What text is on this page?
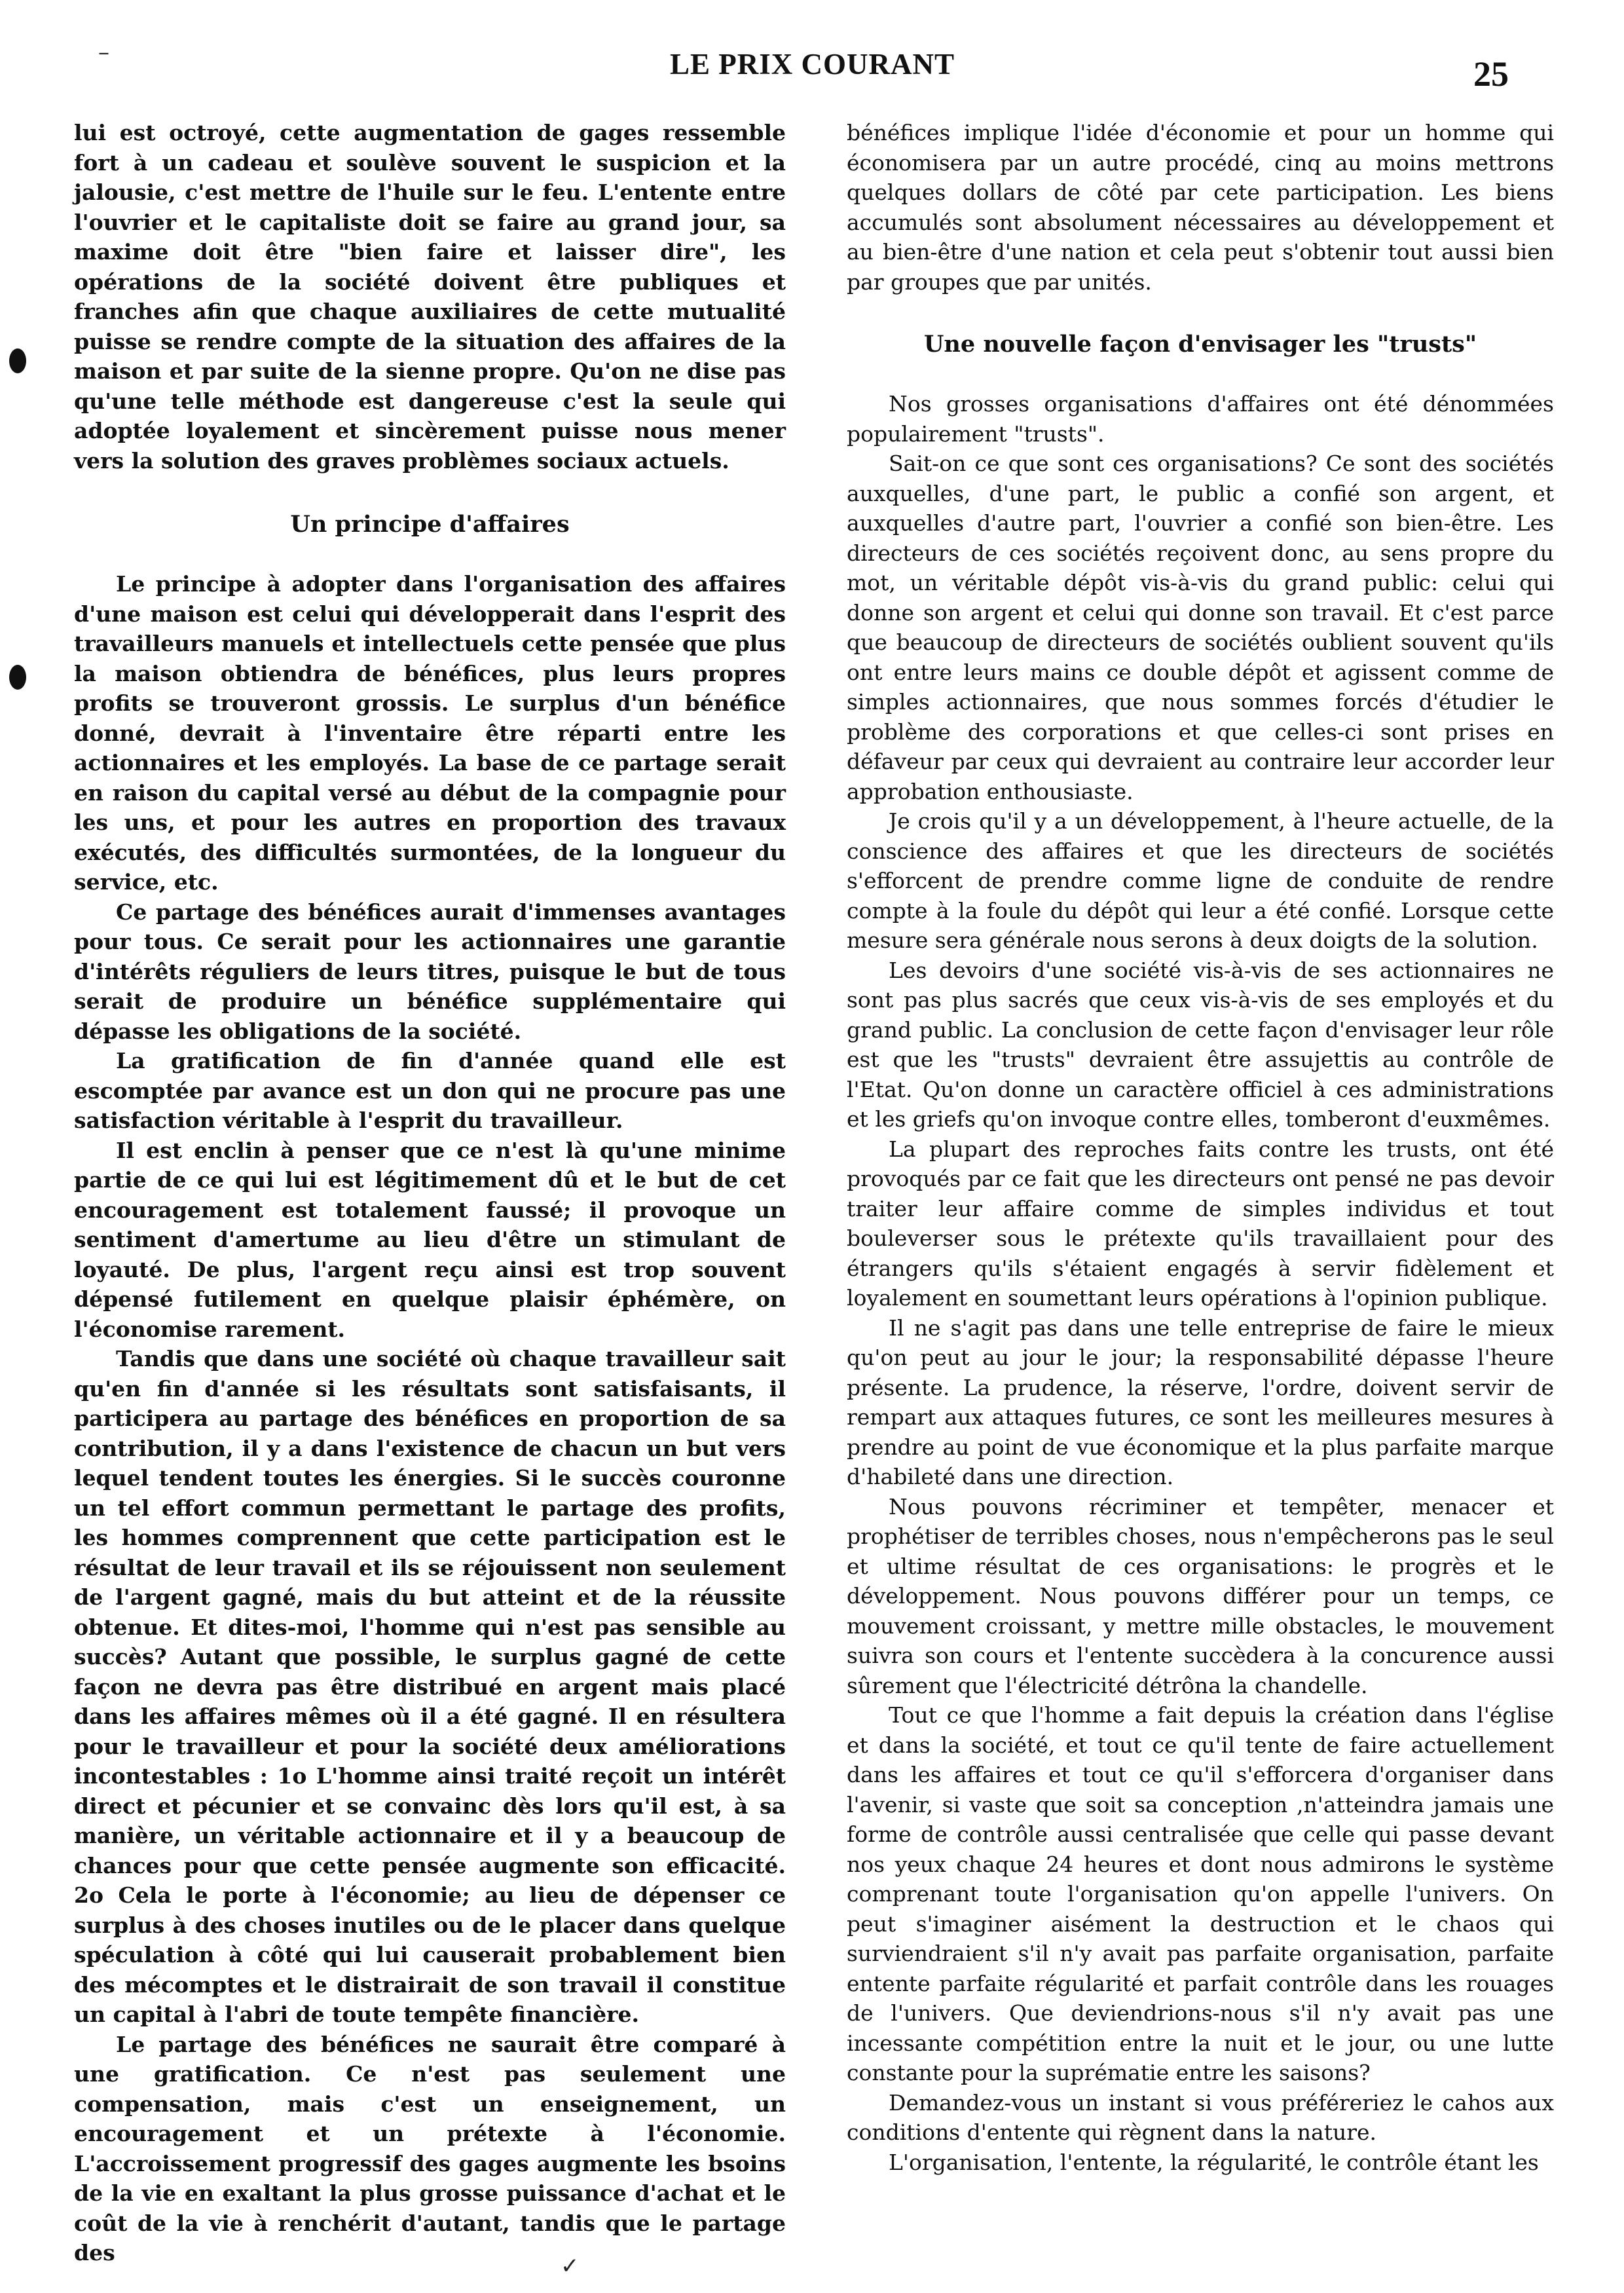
LE PRIX COURANT	25
–
✓

lui est octroyé, cette augmentation de gages ressemble fort à un cadeau et soulève souvent le suspicion et la jalousie, c'est mettre de l'huile sur le feu. L'entente entre l'ouvrier et le capitaliste doit se faire au grand jour, sa maxime doit être "bien faire et laisser dire", les opérations de la société doivent être publiques et franches afin que chaque auxiliaires de cette mutualité puisse se rendre compte de la situation des affaires de la maison et par suite de la sienne propre. Qu'on ne dise pas qu'une telle méthode est dangereuse c'est la seule qui adoptée loyalement et sincèrement puisse nous mener vers la solution des graves problèmes sociaux actuels.

Un principe d'affaires

Le principe à adopter dans l'organisation des affaires d'une maison est celui qui développerait dans l'esprit des travailleurs manuels et intellectuels cette pensée que plus la maison obtiendra de bénéfices, plus leurs propres profits se trouveront grossis. Le surplus d'un bénéfice donné, devrait à l'inventaire être réparti entre les actionnaires et les employés. La base de ce partage serait en raison du capital versé au début de la compagnie pour les uns, et pour les autres en proportion des travaux exécutés, des difficultés surmontées, de la longueur du service, etc.

Ce partage des bénéfices aurait d'immenses avantages pour tous. Ce serait pour les actionnaires une garantie d'intérêts réguliers de leurs titres, puisque le but de tous serait de produire un bénéfice supplémentaire qui dépasse les obligations de la société.

La gratification de fin d'année quand elle est escomptée par avance est un don qui ne procure pas une satisfaction véritable à l'esprit du travailleur.

Il est enclin à penser que ce n'est là qu'une minime partie de ce qui lui est légitimement dû et le but de cet encouragement est totalement faussé; il provoque un sentiment d'amertume au lieu d'être un stimulant de loyauté. De plus, l'argent reçu ainsi est trop souvent dépensé futilement en quelque plaisir éphémère, on l'économise rarement.

Tandis que dans une société où chaque travailleur sait qu'en fin d'année si les résultats sont satisfaisants, il participera au partage des bénéfices en proportion de sa contribution, il y a dans l'existence de chacun un but vers lequel tendent toutes les énergies. Si le succès couronne un tel effort commun permettant le partage des profits, les hommes comprennent que cette participation est le résultat de leur travail et ils se réjouissent non seulement de l'argent gagné, mais du but atteint et de la réussite obtenue. Et dites-moi, l'homme qui n'est pas sensible au succès? Autant que possible, le surplus gagné de cette façon ne devra pas être distribué en argent mais placé dans les affaires mêmes où il a été gagné. Il en résultera pour le travailleur et pour la société deux améliorations incontestables : 1o L'homme ainsi traité reçoit un intérêt direct et pécunier et se convainc dès lors qu'il est, à sa manière, un véritable actionnaire et il y a beaucoup de chances pour que cette pensée augmente son efficacité. 2o Cela le porte à l'économie; au lieu de dépenser ce surplus à des choses inutiles ou de le placer dans quelque spéculation à côté qui lui causerait probablement bien des mécomptes et le distrairait de son travail il constitue un capital à l'abri de toute tempête financière.

Le partage des bénéfices ne saurait être comparé à une gratification. Ce n'est pas seulement une compensation, mais c'est un enseignement, un encouragement et un prétexte à l'économie. L'accroissement progressif des gages augmente les bsoins de la vie en exaltant la plus grosse puissance d'achat et le coût de la vie à renchérit d'autant, tandis que le partage des

bénéfices implique l'idée d'économie et pour un homme qui économisera par un autre procédé, cinq au moins mettrons quelques dollars de côté par cete participation. Les biens accumulés sont absolument nécessaires au développement et au bien-être d'une nation et cela peut s'obtenir tout aussi bien par groupes que par unités.

Une nouvelle façon d'envisager les "trusts"

Nos grosses organisations d'affaires ont été dénommées populairement "trusts".

Sait-on ce que sont ces organisations? Ce sont des sociétés auxquelles, d'une part, le public a confié son argent, et auxquelles d'autre part, l'ouvrier a confié son bien-être. Les directeurs de ces sociétés reçoivent donc, au sens propre du mot, un véritable dépôt vis-à-vis du grand public: celui qui donne son argent et celui qui donne son travail. Et c'est parce que beaucoup de directeurs de sociétés oublient souvent qu'ils ont entre leurs mains ce double dépôt et agissent comme de simples actionnaires, que nous sommes forcés d'étudier le problème des corporations et que celles-ci sont prises en défaveur par ceux qui devraient au contraire leur accorder leur approbation enthousiaste.

Je crois qu'il y a un développement, à l'heure actuelle, de la conscience des affaires et que les directeurs de sociétés s'efforcent de prendre comme ligne de conduite de rendre compte à la foule du dépôt qui leur a été confié. Lorsque cette mesure sera générale nous serons à deux doigts de la solution.

Les devoirs d'une société vis-à-vis de ses actionnaires ne sont pas plus sacrés que ceux vis-à-vis de ses employés et du grand public. La conclusion de cette façon d'envisager leur rôle est que les "trusts" devraient être assujettis au contrôle de l'Etat. Qu'on donne un caractère officiel à ces administrations et les griefs qu'on invoque contre elles, tomberont d'euxmêmes.

La plupart des reproches faits contre les trusts, ont été provoqués par ce fait que les directeurs ont pensé ne pas devoir traiter leur affaire comme de simples individus et tout bouleverser sous le prétexte qu'ils travaillaient pour des étrangers qu'ils s'étaient engagés à servir fidèlement et loyalement en soumettant leurs opérations à l'opinion publique.

Il ne s'agit pas dans une telle entreprise de faire le mieux qu'on peut au jour le jour; la responsabilité dépasse l'heure présente. La prudence, la réserve, l'ordre, doivent servir de rempart aux attaques futures, ce sont les meilleures mesures à prendre au point de vue économique et la plus parfaite marque d'habileté dans une direction.

Nous pouvons récriminer et tempêter, menacer et prophétiser de terribles choses, nous n'empêcherons pas le seul et ultime résultat de ces organisations: le progrès et le développement. Nous pouvons différer pour un temps, ce mouvement croissant, y mettre mille obstacles, le mouvement suivra son cours et l'entente succèdera à la concurence aussi sûrement que l'électricité détrôna la chandelle.

Tout ce que l'homme a fait depuis la création dans l'église et dans la société, et tout ce qu'il tente de faire actuellement dans les affaires et tout ce qu'il s'efforcera d'organiser dans l'avenir, si vaste que soit sa conception ,n'atteindra jamais une forme de contrôle aussi centralisée que celle qui passe devant nos yeux chaque 24 heures et dont nous admirons le système comprenant toute l'organisation qu'on appelle l'univers. On peut s'imaginer aisément la destruction et le chaos qui surviendraient s'il n'y avait pas parfaite organisation, parfaite entente parfaite régularité et parfait contrôle dans les rouages de l'univers. Que deviendrions-nous s'il n'y avait pas une incessante compétition entre la nuit et le jour, ou une lutte constante pour la suprématie entre les saisons?

Demandez-vous un instant si vous préféreriez le cahos aux conditions d'entente qui règnent dans la nature.

L'organisation, l'entente, la régularité, le contrôle étant les
